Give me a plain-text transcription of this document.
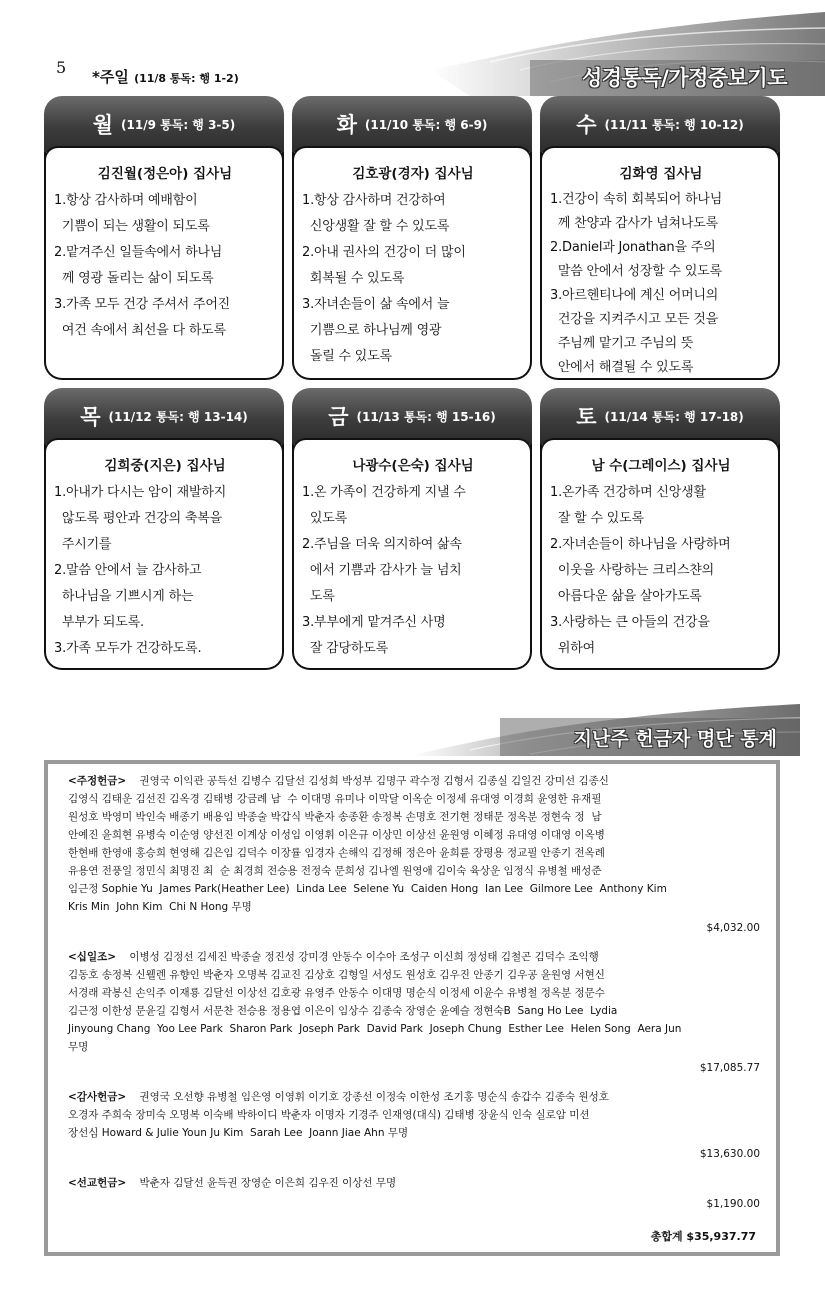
5 *주일 (11/8 통독: 행 1-2)	성경통독/가정중보기도
월 (11/9 통독: 행 3-5)
김진월(정은아) 집사님
1.항상 감사하며 예배함이
기쁨이 되는 생활이 되도록
2.맡겨주신 일들속에서 하나님
께 영광 돌리는 삶이 되도록
3.가족 모두 건강 주셔서 주어진
여건 속에서 최선을 다 하도록
화 (11/10 통독: 행 6-9)
김호광(경자) 집사님
1.항상 감사하며 건강하여
신앙생활 잘 할 수 있도록
2.아내 권사의 건강이 더 많이
회복될 수 있도록
3.자녀손들이 삶 속에서 늘
기쁨으로 하나님께 영광
돌릴 수 있도록
수 (11/11 통독: 행 10-12)
김화영 집사님
1.건강이 속히 회복되어 하나님
께 찬양과 감사가 넘쳐나도록
2.Daniel과 Jonathan을 주의
말씀 안에서 성장할 수 있도록
3.아르헨티나에 계신 어머니의
건강을 지켜주시고 모든 것을
주님께 맡기고 주님의 뜻
안에서 해결될 수 있도록
목 (11/12 통독: 행 13-14)
김희중(지은) 집사님
1.아내가 다시는 암이 재발하지
않도록 평안과 건강의 축복을
주시기를
2.말씀 안에서 늘 감사하고
하나님을 기쁘시게 하는
부부가 되도록.
3.가족 모두가 건강하도록.
금 (11/13 통독: 행 15-16)
나광수(은숙) 집사님
1.온 가족이 건강하게 지낼 수
있도록
2.주님을 더욱 의지하여 삶속
에서 기쁨과 감사가 늘 넘치
도록
3.부부에게 맡겨주신 사명
잘 감당하도록
토 (11/14 통독: 행 17-18)
남 수(그레이스) 집사님
1.온가족 건강하며 신앙생활
잘 할 수 있도록
2.자녀손들이 하나님을 사랑하며
이웃을 사랑하는 크리스챤의
아름다운 삶을 살아가도록
3.사랑하는 큰 아들의 건강을
위하여
지난주 헌금자 명단 통계
<주정헌금>    권영국 이익관 공득선 김병수 김달선 김성희 박성부 김명구 곽수정 김형서 김종실 김일건 강미선 김종신
김영식 김태운 김선진 김옥경 김태병 강금례 남  수 이대명 유미나 이막달 이옥순 이정세 유대영 이경희 윤영한 유재필
원성호 박영미 박인숙 배종기 배용임 박종술 박갑식 박춘자 송종환 송정복 손명호 전기현 정태문 정옥분 정현숙 정  남
안예진 윤희현 유병숙 이순영 양선진 이계상 이성임 이영휘 이은규 이상민 이상선 윤원영 이혜정 유대영 이대영 이옥병
한현배 한영애 홍승희 현영해 김은임 김덕수 이장률 임경자 손해익 김정해 정은아 윤희륜 장평용 정교필 안종기 전옥례
유용연 전풍일 정민식 최명진 최  순 최경희 전승용 전정숙 문희성 김나엘 원영애 김이숙 육상운 임정식 유병철 배성준
임근정 Sophie Yu  James Park(Heather Lee)  Linda Lee  Selene Yu  Caiden Hong  Ian Lee  Gilmore Lee  Anthony Kim
Kris Min  John Kim  Chi N Hong 무명
$4,032.00
<십일조>    이병성 김정선 김세진 박종술 정진성 강미경 안동수 이수아 조성구 이신희 정성태 김철곤 김덕수 조익행
김동호 송정복 신웰렌 유향인 박춘자 오명복 김교진 김상호 김형일 서성도 원성호 김우진 안종기 김우공 윤원영 서현신
서경래 곽봉신 손익주 이재룡 김달선 이상선 김호광 유영주 안동수 이대명 명순식 이정세 이윤수 유병철 정옥분 정문수
김근정 이한성 문윤길 김형서 서문찬 전승용 정용엽 이은이 임상수 김종숙 장영순 윤예슬 정현숙B  Sang Ho Lee  Lydia
Jinyoung Chang  Yoo Lee Park  Sharon Park  Joseph Park  David Park  Joseph Chung  Esther Lee  Helen Song  Aera Jun
무명
$17,085.77
<감사헌금>    권영국 오선향 유병철 임은영 이영휘 이기호 강종선 이정숙 이한성 조기홍 명순식 송갑수 김종숙 원성호
오경자 주희숙 장미숙 오명복 이숙배 박하이디 박춘자 이명자 기경주 인재영(대식) 김태병 장윤식 인숙 실로암 미션
장선심 Howard & Julie Youn Ju Kim  Sarah Lee  Joann Jiae Ahn 무명
$13,630.00
<선교헌금>    박춘자 김달선 윤득권 장영순 이은희 김우진 이상선 무명
$1,190.00
총합계 $35,937.77
